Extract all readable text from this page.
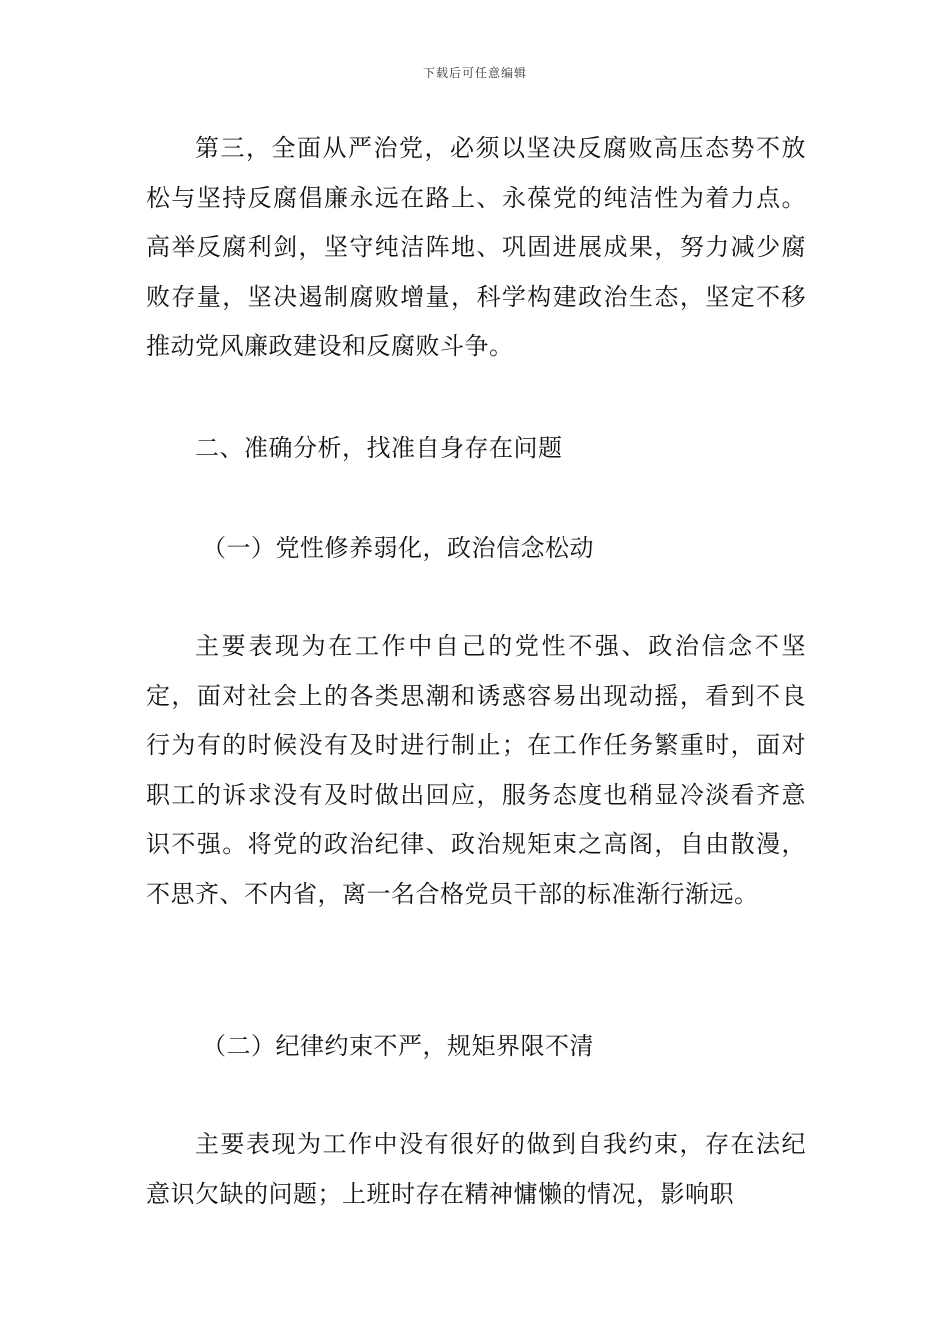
下载后可任意编辑
第三，全面从严治党，必须以坚决反腐败高压态势不放松与坚持反腐倡廉永远在路上、永葆党的纯洁性为着力点。高举反腐利剑，坚守纯洁阵地、巩固进展成果，努力减少腐败存量，坚决遏制腐败增量，科学构建政治生态，坚定不移推动党风廉政建设和反腐败斗争。
二、准确分析，找准自身存在问题
（一）党性修养弱化，政治信念松动
主要表现为在工作中自己的党性不强、政治信念不坚定，面对社会上的各类思潮和诱惑容易出现动摇，看到不良行为有的时候没有及时进行制止；在工作任务繁重时，面对职工的诉求没有及时做出回应，服务态度也稍显冷淡看齐意识不强。将党的政治纪律、政治规矩束之高阁，自由散漫，不思齐、不内省，离一名合格党员干部的标准渐行渐远。
（二）纪律约束不严，规矩界限不清
主要表现为工作中没有很好的做到自我约束，存在法纪意识欠缺的问题；上班时存在精神慵懒的情况，影响职
